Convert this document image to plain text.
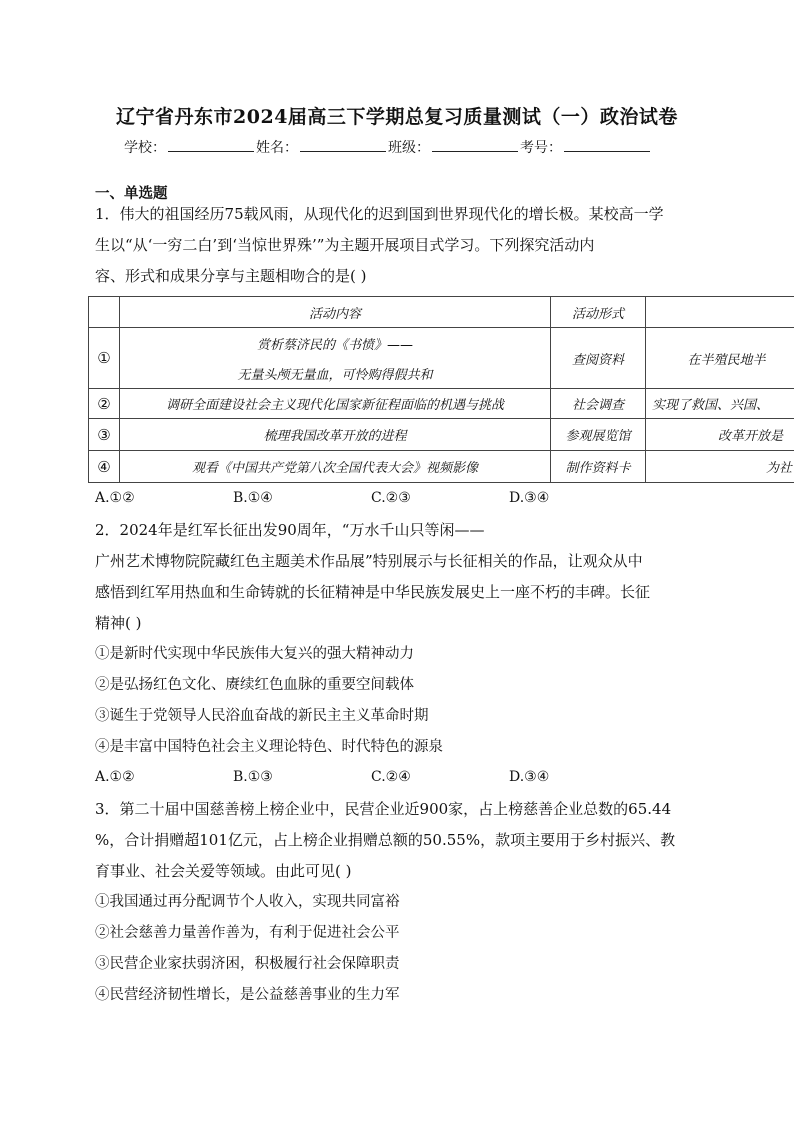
辽宁省丹东市2024届高三下学期总复习质量测试（一）政治试卷
学校：	姓名：	班级：	考号：
一、单选题
1．伟大的祖国经历75载风雨，从现代化的迟到国到世界现代化的增长极。某校高一学
生以“从‘一穷二白’到‘当惊世界殊’”为主题开展项目式学习。下列探究活动内
容、形式和成果分享与主题相吻合的是( )
	活动内容	活动形式	
①	赏析蔡济民的《书愤》——
无量头颅无量血，可怜购得假共和	查阅资料	在半殖民地半
②	调研全面建设社会主义现代化国家新征程面临的机遇与挑战	社会调查	实现了救国、兴国、
③	梳理我国改革开放的进程	参观展览馆	改革开放是
④	观看《中国共产党第八次全国代表大会》视频影像	制作资料卡	为社
A.①②	B.①④	C.②③	D.③④
2．2024年是红军长征出发90周年，“万水千山只等闲——
广州艺术博物院院藏红色主题美术作品展”特别展示与长征相关的作品，让观众从中
感悟到红军用热血和生命铸就的长征精神是中华民族发展史上一座不朽的丰碑。长征
精神( )
①是新时代实现中华民族伟大复兴的强大精神动力
②是弘扬红色文化、赓续红色血脉的重要空间载体
③诞生于党领导人民浴血奋战的新民主主义革命时期
④是丰富中国特色社会主义理论特色、时代特色的源泉
A.①②	B.①③	C.②④	D.③④
3．第二十届中国慈善榜上榜企业中，民营企业近900家，占上榜慈善企业总数的65.44
%，合计捐赠超101亿元，占上榜企业捐赠总额的50.55%，款项主要用于乡村振兴、教
育事业、社会关爱等领域。由此可见( )
①我国通过再分配调节个人收入，实现共同富裕
②社会慈善力量善作善为，有利于促进社会公平
③民营企业家扶弱济困，积极履行社会保障职责
④民营经济韧性增长，是公益慈善事业的生力军
